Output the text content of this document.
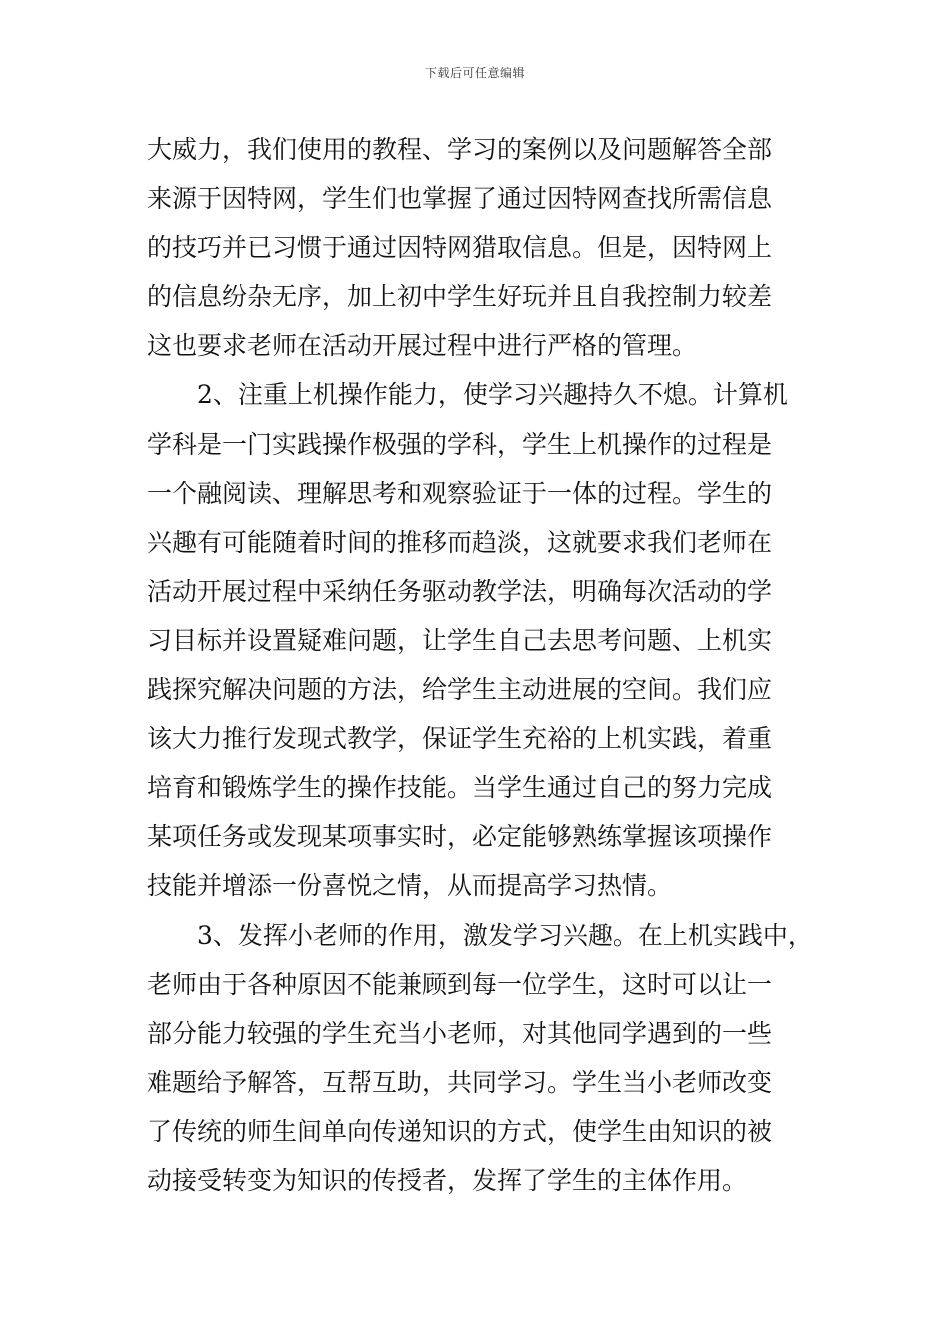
下载后可任意编辑
大威力，我们使用的教程、学习的案例以及问题解答全部
来源于因特网，学生们也掌握了通过因特网查找所需信息
的技巧并已习惯于通过因特网猎取信息。但是，因特网上
的信息纷杂无序，加上初中学生好玩并且自我控制力较差
这也要求老师在活动开展过程中进行严格的管理。
　　2、注重上机操作能力，使学习兴趣持久不熄。计算机
学科是一门实践操作极强的学科，学生上机操作的过程是
一个融阅读、理解思考和观察验证于一体的过程。学生的
兴趣有可能随着时间的推移而趋淡，这就要求我们老师在
活动开展过程中采纳任务驱动教学法，明确每次活动的学
习目标并设置疑难问题，让学生自己去思考问题、上机实
践探究解决问题的方法，给学生主动进展的空间。我们应
该大力推行发现式教学，保证学生充裕的上机实践，着重
培育和锻炼学生的操作技能。当学生通过自己的努力完成
某项任务或发现某项事实时，必定能够熟练掌握该项操作
技能并增添一份喜悦之情，从而提高学习热情。
　　3、发挥小老师的作用，激发学习兴趣。在上机实践中，
老师由于各种原因不能兼顾到每一位学生，这时可以让一
部分能力较强的学生充当小老师，对其他同学遇到的一些
难题给予解答，互帮互助，共同学习。学生当小老师改变
了传统的师生间单向传递知识的方式，使学生由知识的被
动接受转变为知识的传授者，发挥了学生的主体作用。
